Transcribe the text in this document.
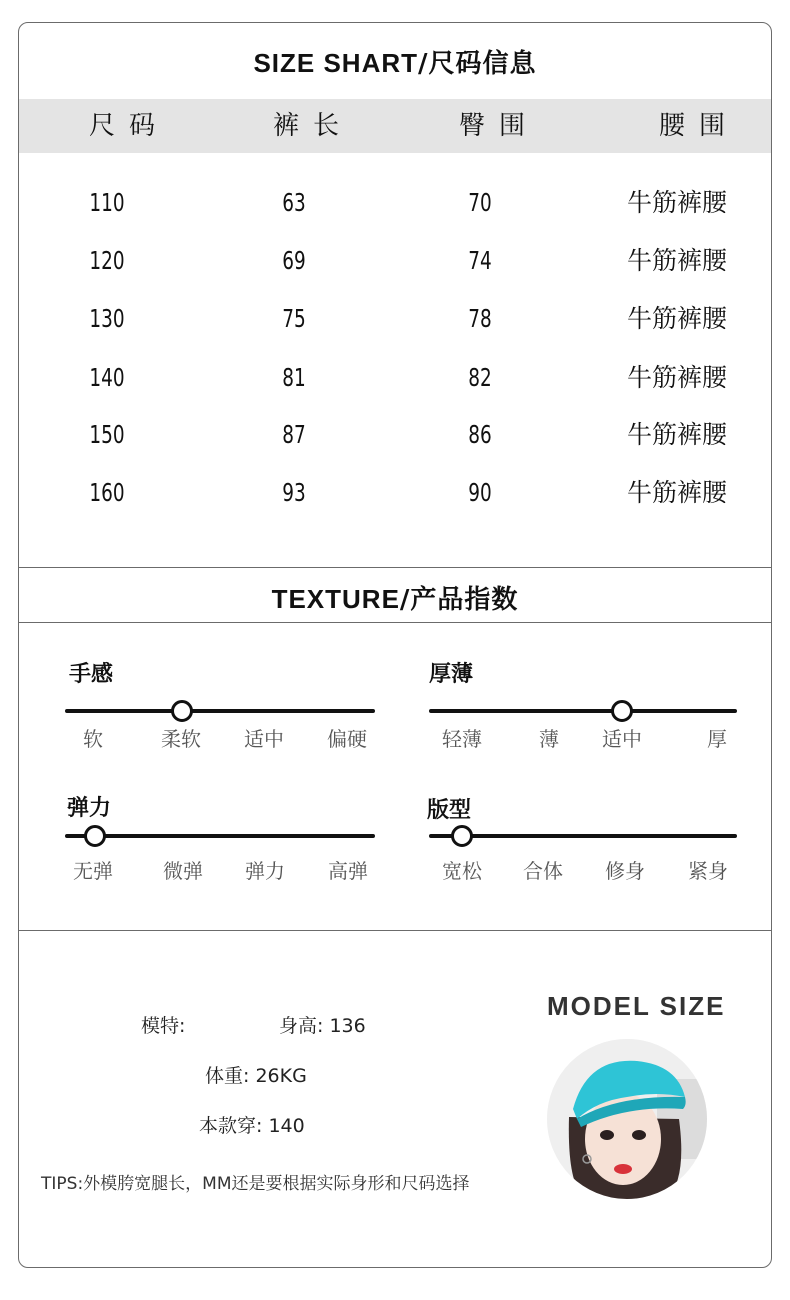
SIZE SHART/尺码信息
尺码	裤长	臀围	腰围
110	63	70	牛筋裤腰
120	69	74	牛筋裤腰
130	75	78	牛筋裤腰
140	81	82	牛筋裤腰
150	87	86	牛筋裤腰
160	93	90	牛筋裤腰
TEXTURE/产品指数
手感
软	柔软	适中	偏硬
厚薄
轻薄	薄	适中	厚
弹力
无弹	微弹	弹力	高弹
版型
宽松	合体	修身	紧身
模特:	身高: 136
体重: 26KG
本款穿: 140
TIPS:外模胯宽腿长，MM还是要根据实际身形和尺码选择
MODEL SIZE
